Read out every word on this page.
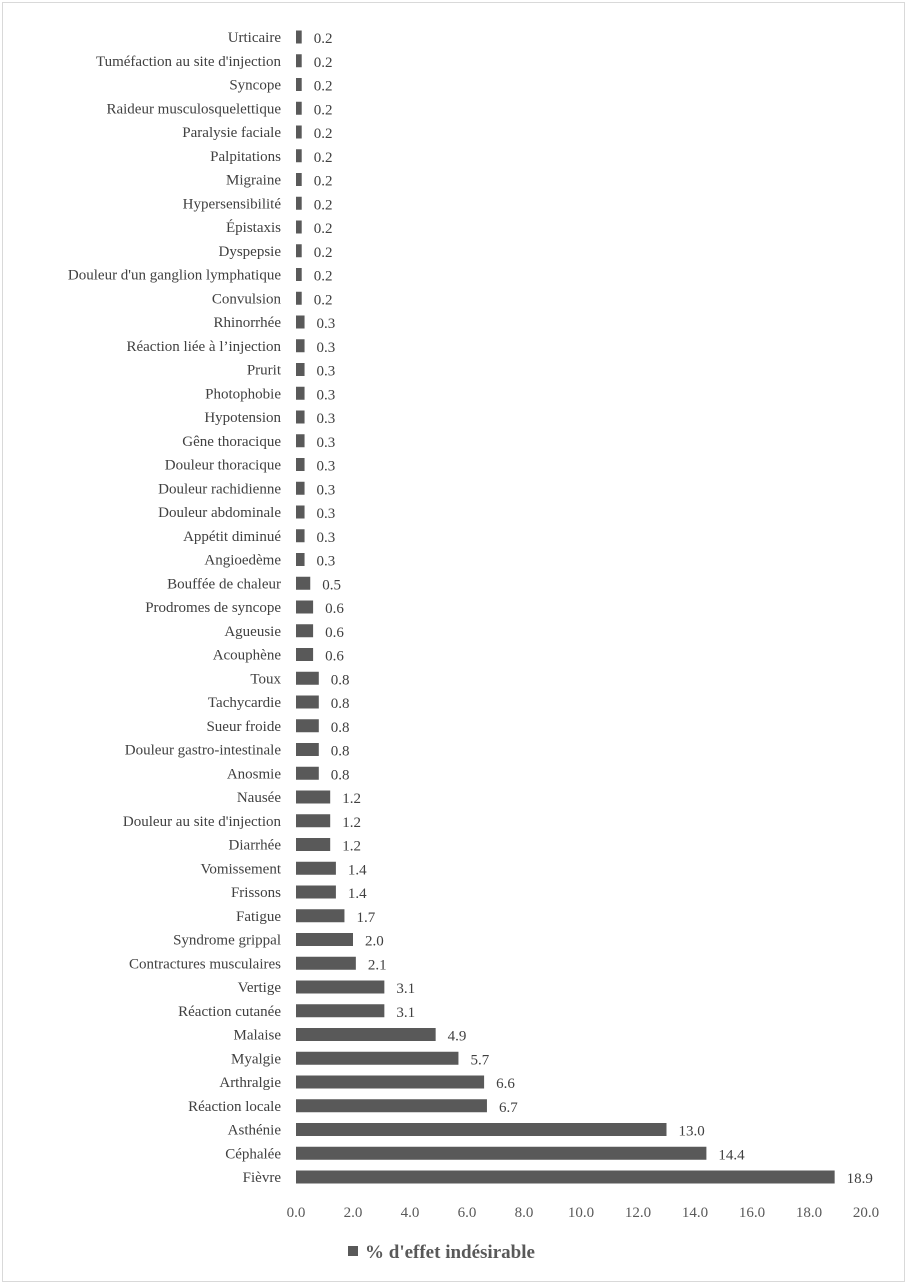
Urticaire 0.2
Tuméfaction au site d'injection 0.2
Syncope 0.2
Raideur musculosquelettique 0.2
Paralysie faciale 0.2
Palpitations 0.2
Migraine 0.2
Hypersensibilité 0.2
Épistaxis 0.2
Dyspepsie 0.2
Douleur d'un ganglion lymphatique 0.2
Convulsion 0.2
Rhinorrhée 0.3
Réaction liée à l’injection 0.3
Prurit 0.3
Photophobie 0.3
Hypotension 0.3
Gêne thoracique 0.3
Douleur thoracique 0.3
Douleur rachidienne 0.3
Douleur abdominale 0.3
Appétit diminué 0.3
Angioedème 0.3
Bouffée de chaleur	0.5
Prodromes de syncope	0.6
Agueusie	0.6
Acouphène	0.6
Toux	0.8
Tachycardie	0.8
Sueur froide	0.8
Douleur gastro-intestinale	0.8
Anosmie	0.8
Nausée	1.2
Douleur au site d'injection	1.2
Diarrhée	1.2
Vomissement	1.4
Frissons	1.4
Fatigue	1.7
Syndrome grippal	2.0
Contractures musculaires	2.1
Vertige	3.1
Réaction cutanée	3.1
Malaise	4.9
Myalgie	5.7
Arthralgie	6.6
Réaction locale	6.7
Asthénie	13.0
Céphalée	14.4
Fièvre	18.9
0.0	2.0	4.0	6.0	8.0 10.0 12.0 14.0 16.0 18.0 20.0
% d'effet indésirable
